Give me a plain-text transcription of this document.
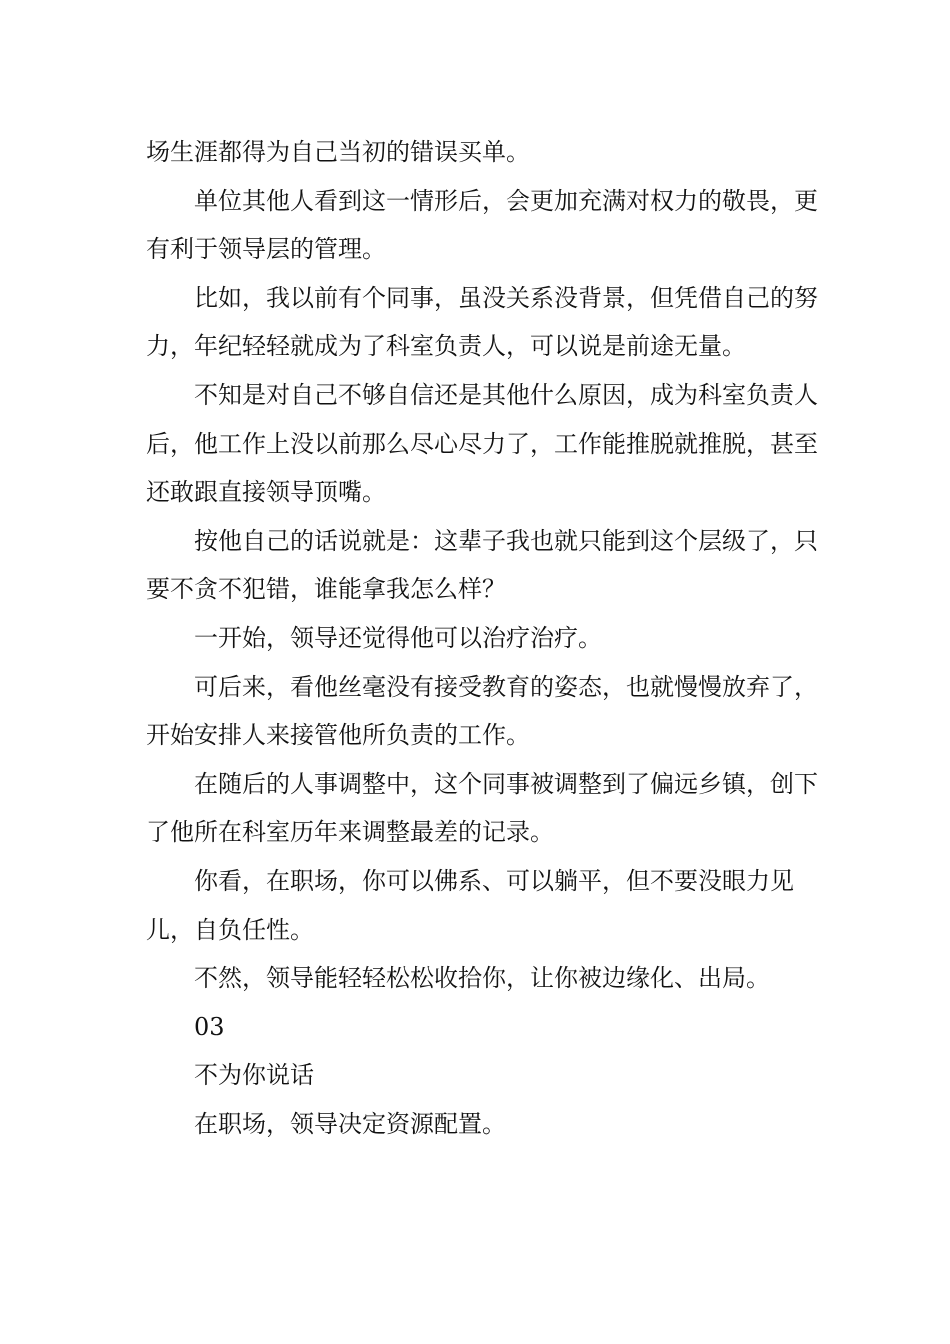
场生涯都得为自己当初的错误买单。

单位其他人看到这一情形后，会更加充满对权力的敬畏，更有利于领导层的管理。

比如，我以前有个同事，虽没关系没背景，但凭借自己的努力，年纪轻轻就成为了科室负责人，可以说是前途无量。

不知是对自己不够自信还是其他什么原因，成为科室负责人后，他工作上没以前那么尽心尽力了，工作能推脱就推脱，甚至还敢跟直接领导顶嘴。

按他自己的话说就是：这辈子我也就只能到这个层级了，只要不贪不犯错，谁能拿我怎么样？

一开始，领导还觉得他可以治疗治疗。

可后来，看他丝毫没有接受教育的姿态，也就慢慢放弃了，开始安排人来接管他所负责的工作。

在随后的人事调整中，这个同事被调整到了偏远乡镇，创下了他所在科室历年来调整最差的记录。

你看，在职场，你可以佛系、可以躺平，但不要没眼力见儿，自负任性。

不然，领导能轻轻松松收拾你，让你被边缘化、出局。

03

不为你说话

在职场，领导决定资源配置。
